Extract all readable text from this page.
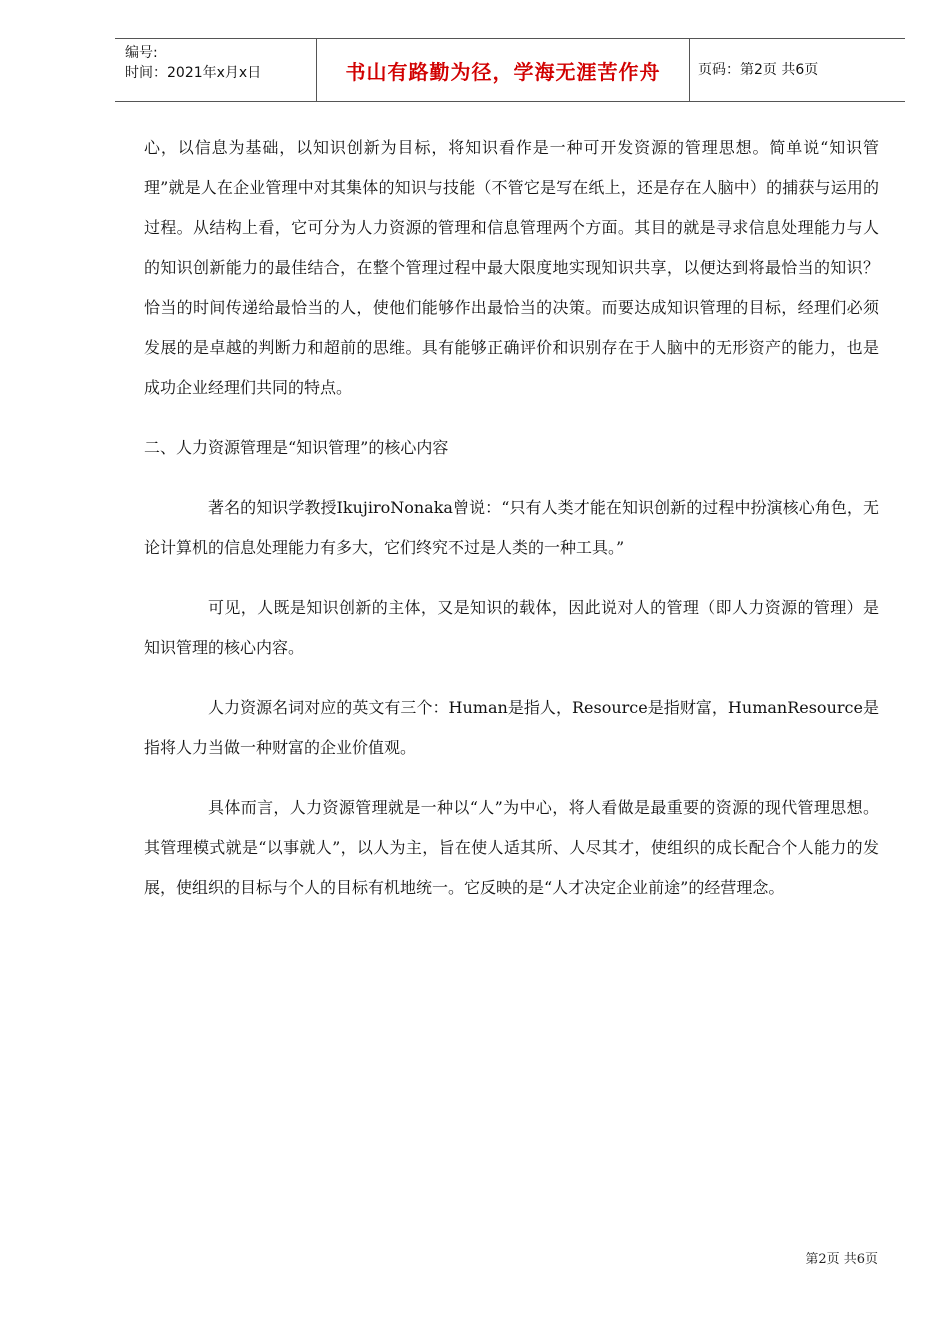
编号:
时间：2021年x月x日	书山有路勤为径，学海无涯苦作舟	页码：第2页 共6页

心，以信息为基础，以知识创新为目标，将知识看作是一种可开发资源的管理思想。简单说“知识管理”就是人在企业管理中对其集体的知识与技能（不管它是写在纸上，还是存在人脑中）的捕获与运用的过程。从结构上看，它可分为人力资源的管理和信息管理两个方面。其目的就是寻求信息处理能力与人的知识创新能力的最佳结合，在整个管理过程中最大限度地实现知识共享，以便达到将最恰当的知识？恰当的时间传递给最恰当的人，使他们能够作出最恰当的决策。而要达成知识管理的目标，经理们必须发展的是卓越的判断力和超前的思维。具有能够正确评价和识别存在于人脑中的无形资产的能力，也是成功企业经理们共同的特点。

二、人力资源管理是“知识管理”的核心内容

著名的知识学教授IkujiroNonaka曾说：“只有人类才能在知识创新的过程中扮演核心角色，无论计算机的信息处理能力有多大，它们终究不过是人类的一种工具。”

可见，人既是知识创新的主体，又是知识的载体，因此说对人的管理（即人力资源的管理）是知识管理的核心内容。

人力资源名词对应的英文有三个：Human是指人，Resource是指财富，HumanResource是指将人力当做一种财富的企业价值观。

具体而言，人力资源管理就是一种以“人”为中心，将人看做是最重要的资源的现代管理思想。其管理模式就是“以事就人”，以人为主，旨在使人适其所、人尽其才，使组织的成长配合个人能力的发展，使组织的目标与个人的目标有机地统一。它反映的是“人才决定企业前途”的经营理念。

第2页 共6页
